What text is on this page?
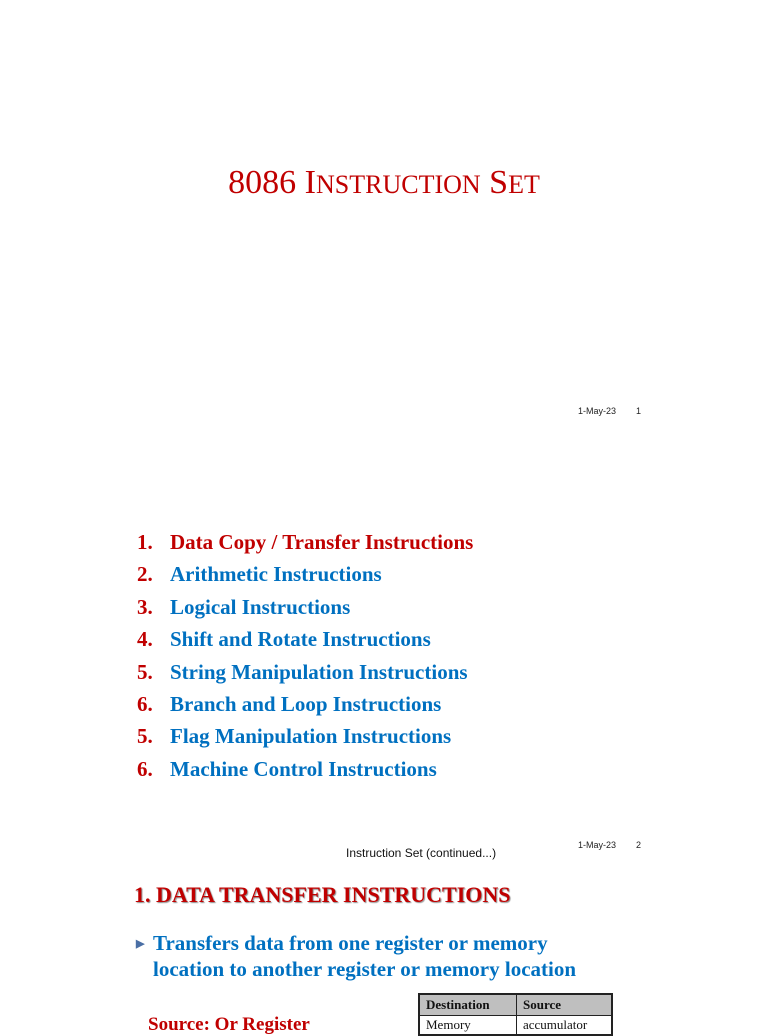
8086 INSTRUCTION SET
1-May-23 1
1. Data Copy / Transfer Instructions
2. Arithmetic Instructions
3. Logical Instructions
4. Shift and Rotate Instructions
5. String Manipulation Instructions
6. Branch and Loop Instructions
5. Flag Manipulation Instructions
6. Machine Control Instructions
Instruction Set (continued...)
1-May-23 2
1. DATA TRANSFER INSTRUCTIONS
▶ Transfers data from one register or memory
location to another register or memory location
Source: Or Register
Destination	Source
Memory	accumulator
